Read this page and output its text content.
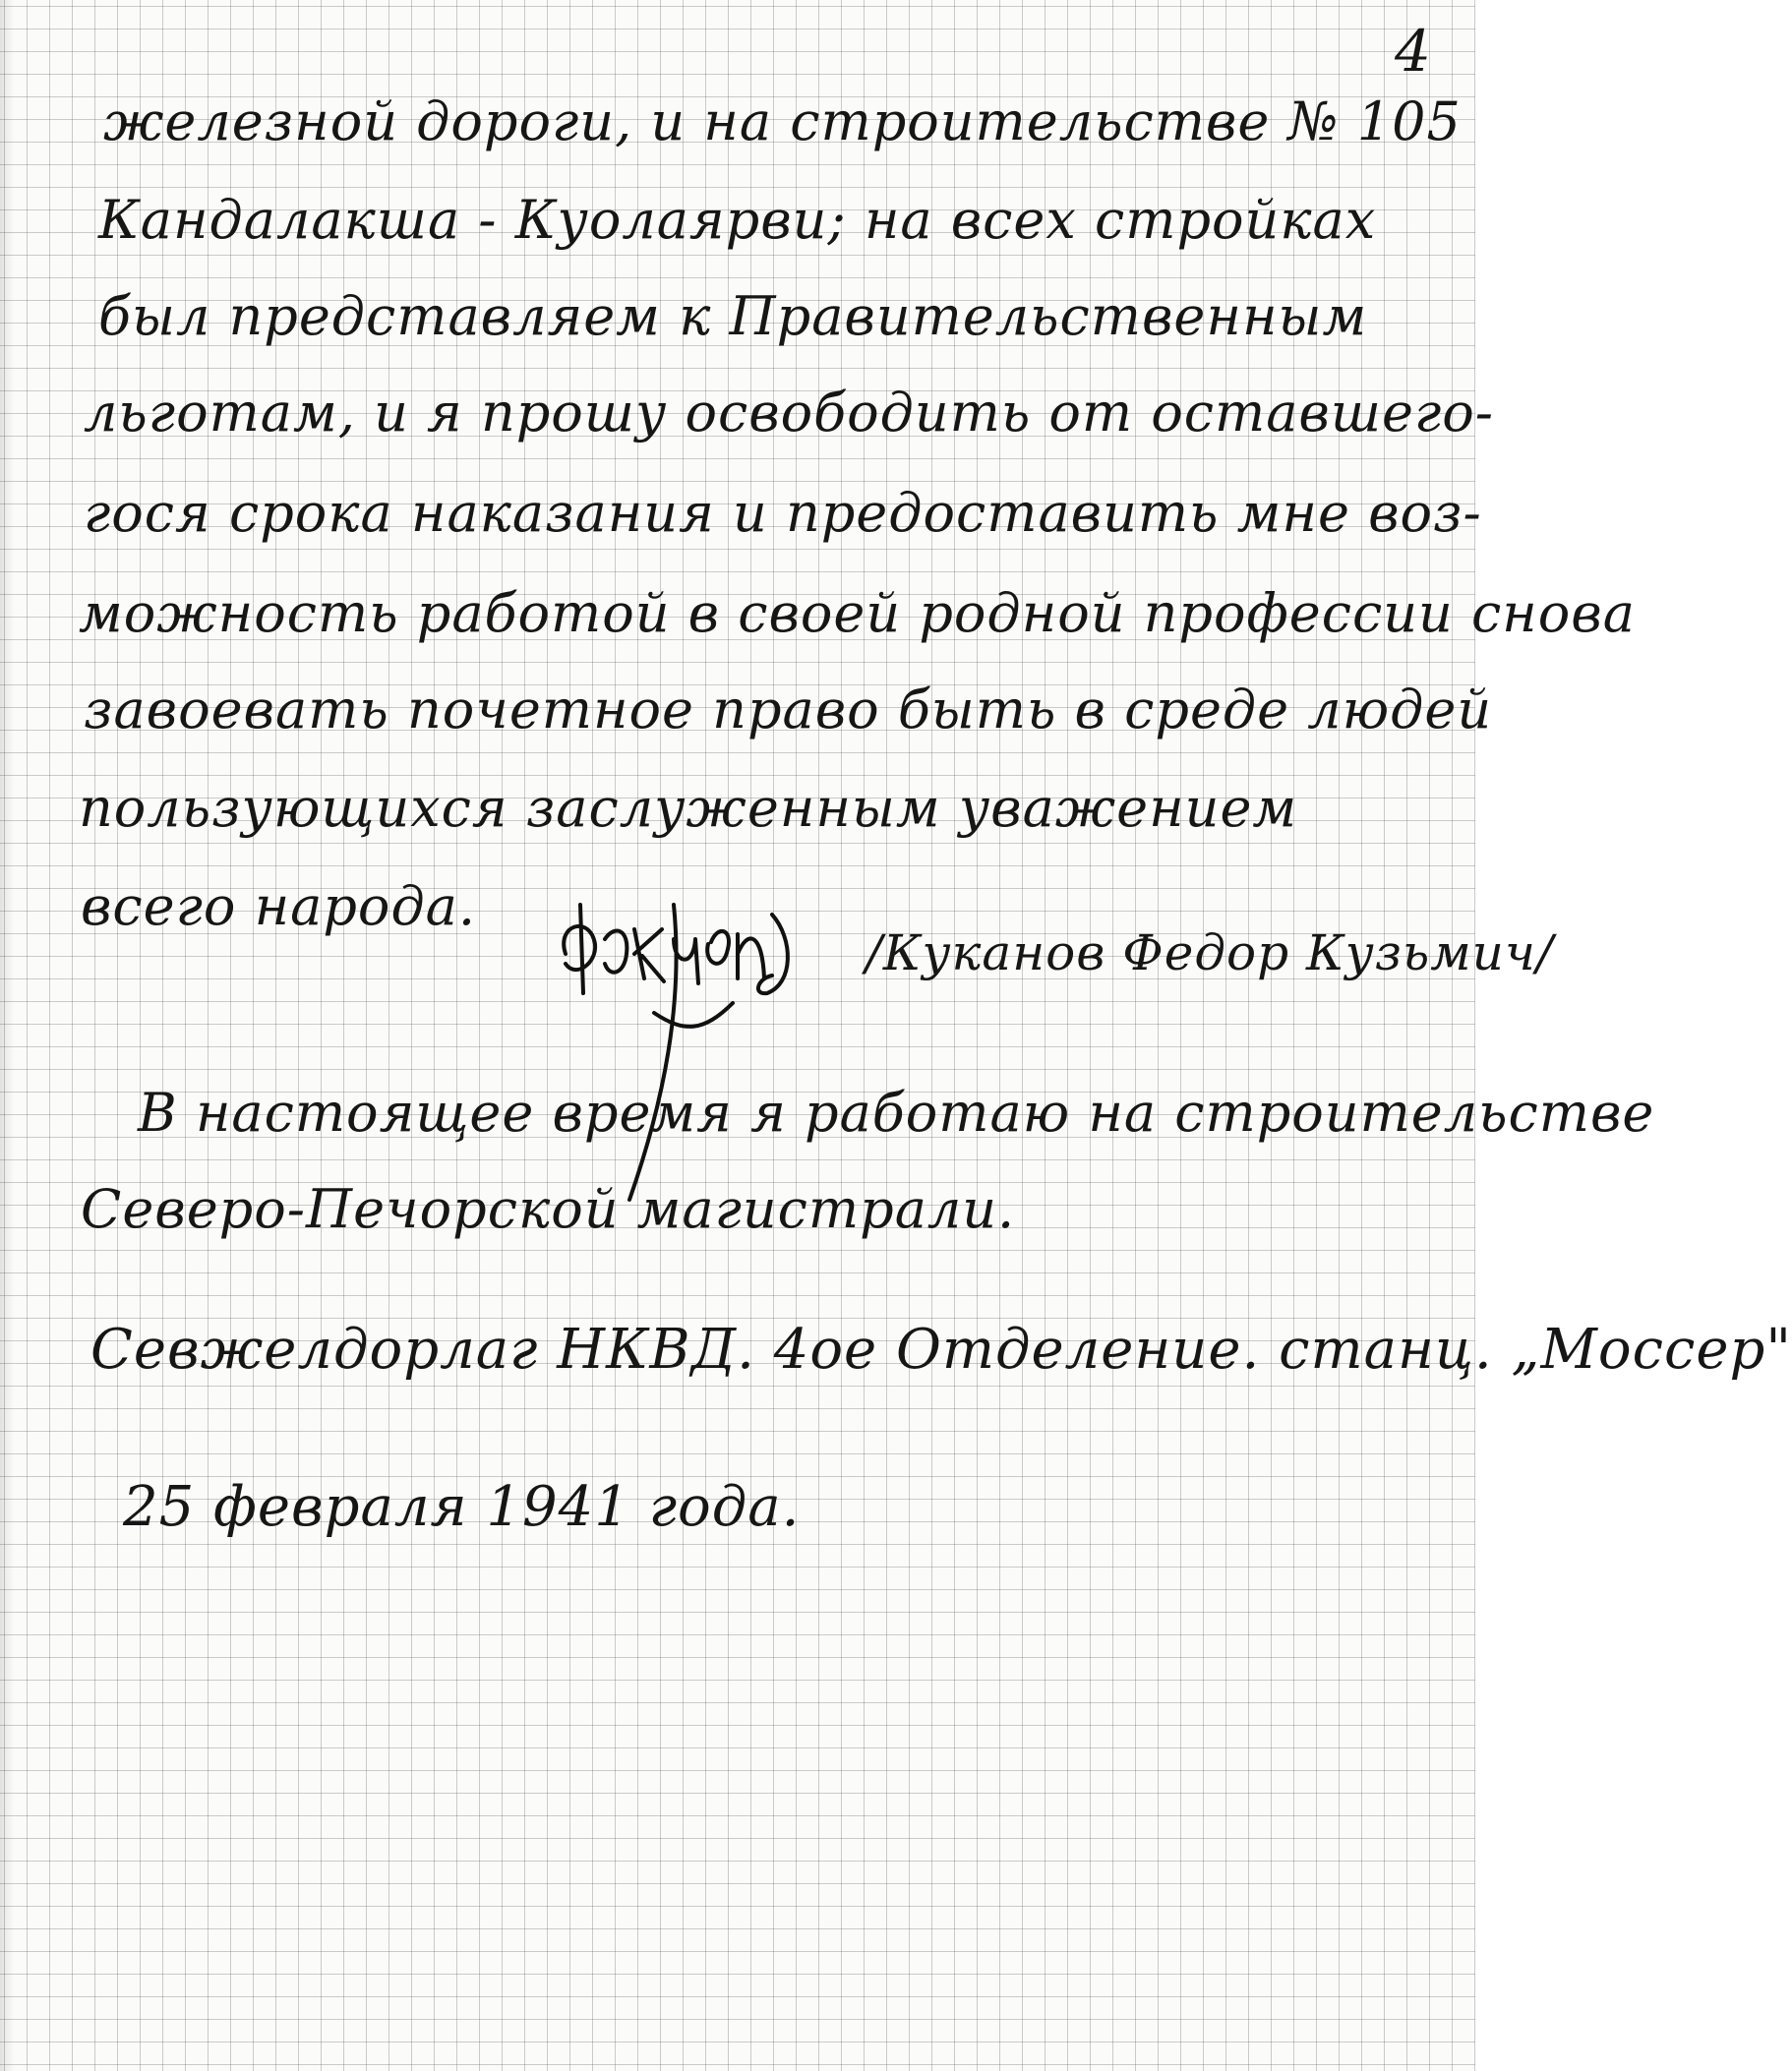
4
железной дороги, и на строительстве № 105
Кандалакша - Куолаярви; на всех стройках
был представляем к Правительственным
льготам, и я прошу освободить от оставшего-
гося срока наказания и предоставить мне воз-
можность работой в своей родной профессии снова
завоевать почетное право быть в среде людей
пользующихся заслуженным уважением
всего народа.
/Куканов Федор Кузьмич/
В настоящее время я работаю на строительстве
Северо-Печорской магистрали.
Севжелдорлаг НКВД. 4ое Отделение. станц. „Моссер"
25 февраля 1941 года.
